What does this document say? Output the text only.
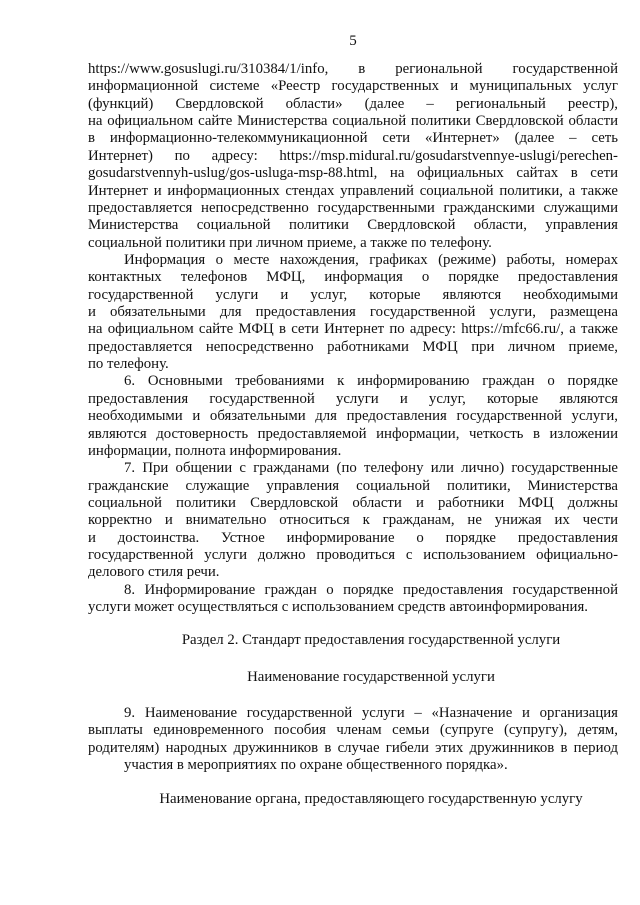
5
https://www.gosuslugi.ru/310384/1/info, в региональной государственной
информационной системе «Реестр государственных и муниципальных услуг
(функций) Свердловской области» (далее – региональный реестр),
на официальном сайте Министерства социальной политики Свердловской области
в информационно-телекоммуникационной сети «Интернет» (далее – сеть
Интернет) по адресу: https://msp.midural.ru/gosudarstvennye-uslugi/perechen-
gosudarstvennyh-uslug/gos-usluga-msp-88.html, на официальных сайтах в сети
Интернет и информационных стендах управлений социальной политики, а также
предоставляется непосредственно государственными гражданскими служащими
Министерства социальной политики Свердловской области, управления
социальной политики при личном приеме, а также по телефону.
Информация о месте нахождения, графиках (режиме) работы, номерах
контактных телефонов МФЦ, информация о порядке предоставления
государственной услуги и услуг, которые являются необходимыми
и обязательными для предоставления государственной услуги, размещена
на официальном сайте МФЦ в сети Интернет по адресу: https://mfc66.ru/, а также
предоставляется непосредственно работниками МФЦ при личном приеме,
по телефону.
6. Основными требованиями к информированию граждан о порядке
предоставления государственной услуги и услуг, которые являются
необходимыми и обязательными для предоставления государственной услуги,
являются достоверность предоставляемой информации, четкость в изложении
информации, полнота информирования.
7. При общении с гражданами (по телефону или лично) государственные
гражданские служащие управления социальной политики, Министерства
социальной политики Свердловской области и работники МФЦ должны
корректно и внимательно относиться к гражданам, не унижая их чести
и достоинства. Устное информирование о порядке предоставления
государственной услуги должно проводиться с использованием официально-
делового стиля речи.
8. Информирование граждан о порядке предоставления государственной
услуги может осуществляться с использованием средств автоинформирования.
Раздел 2. Стандарт предоставления государственной услуги
Наименование государственной услуги
9. Наименование государственной услуги – «Назначение и организация
выплаты единовременного пособия членам семьи (супруге (супругу), детям,
родителям) народных дружинников в случае гибели этих дружинников в период
участия в мероприятиях по охране общественного порядка».
Наименование органа, предоставляющего государственную услугу
